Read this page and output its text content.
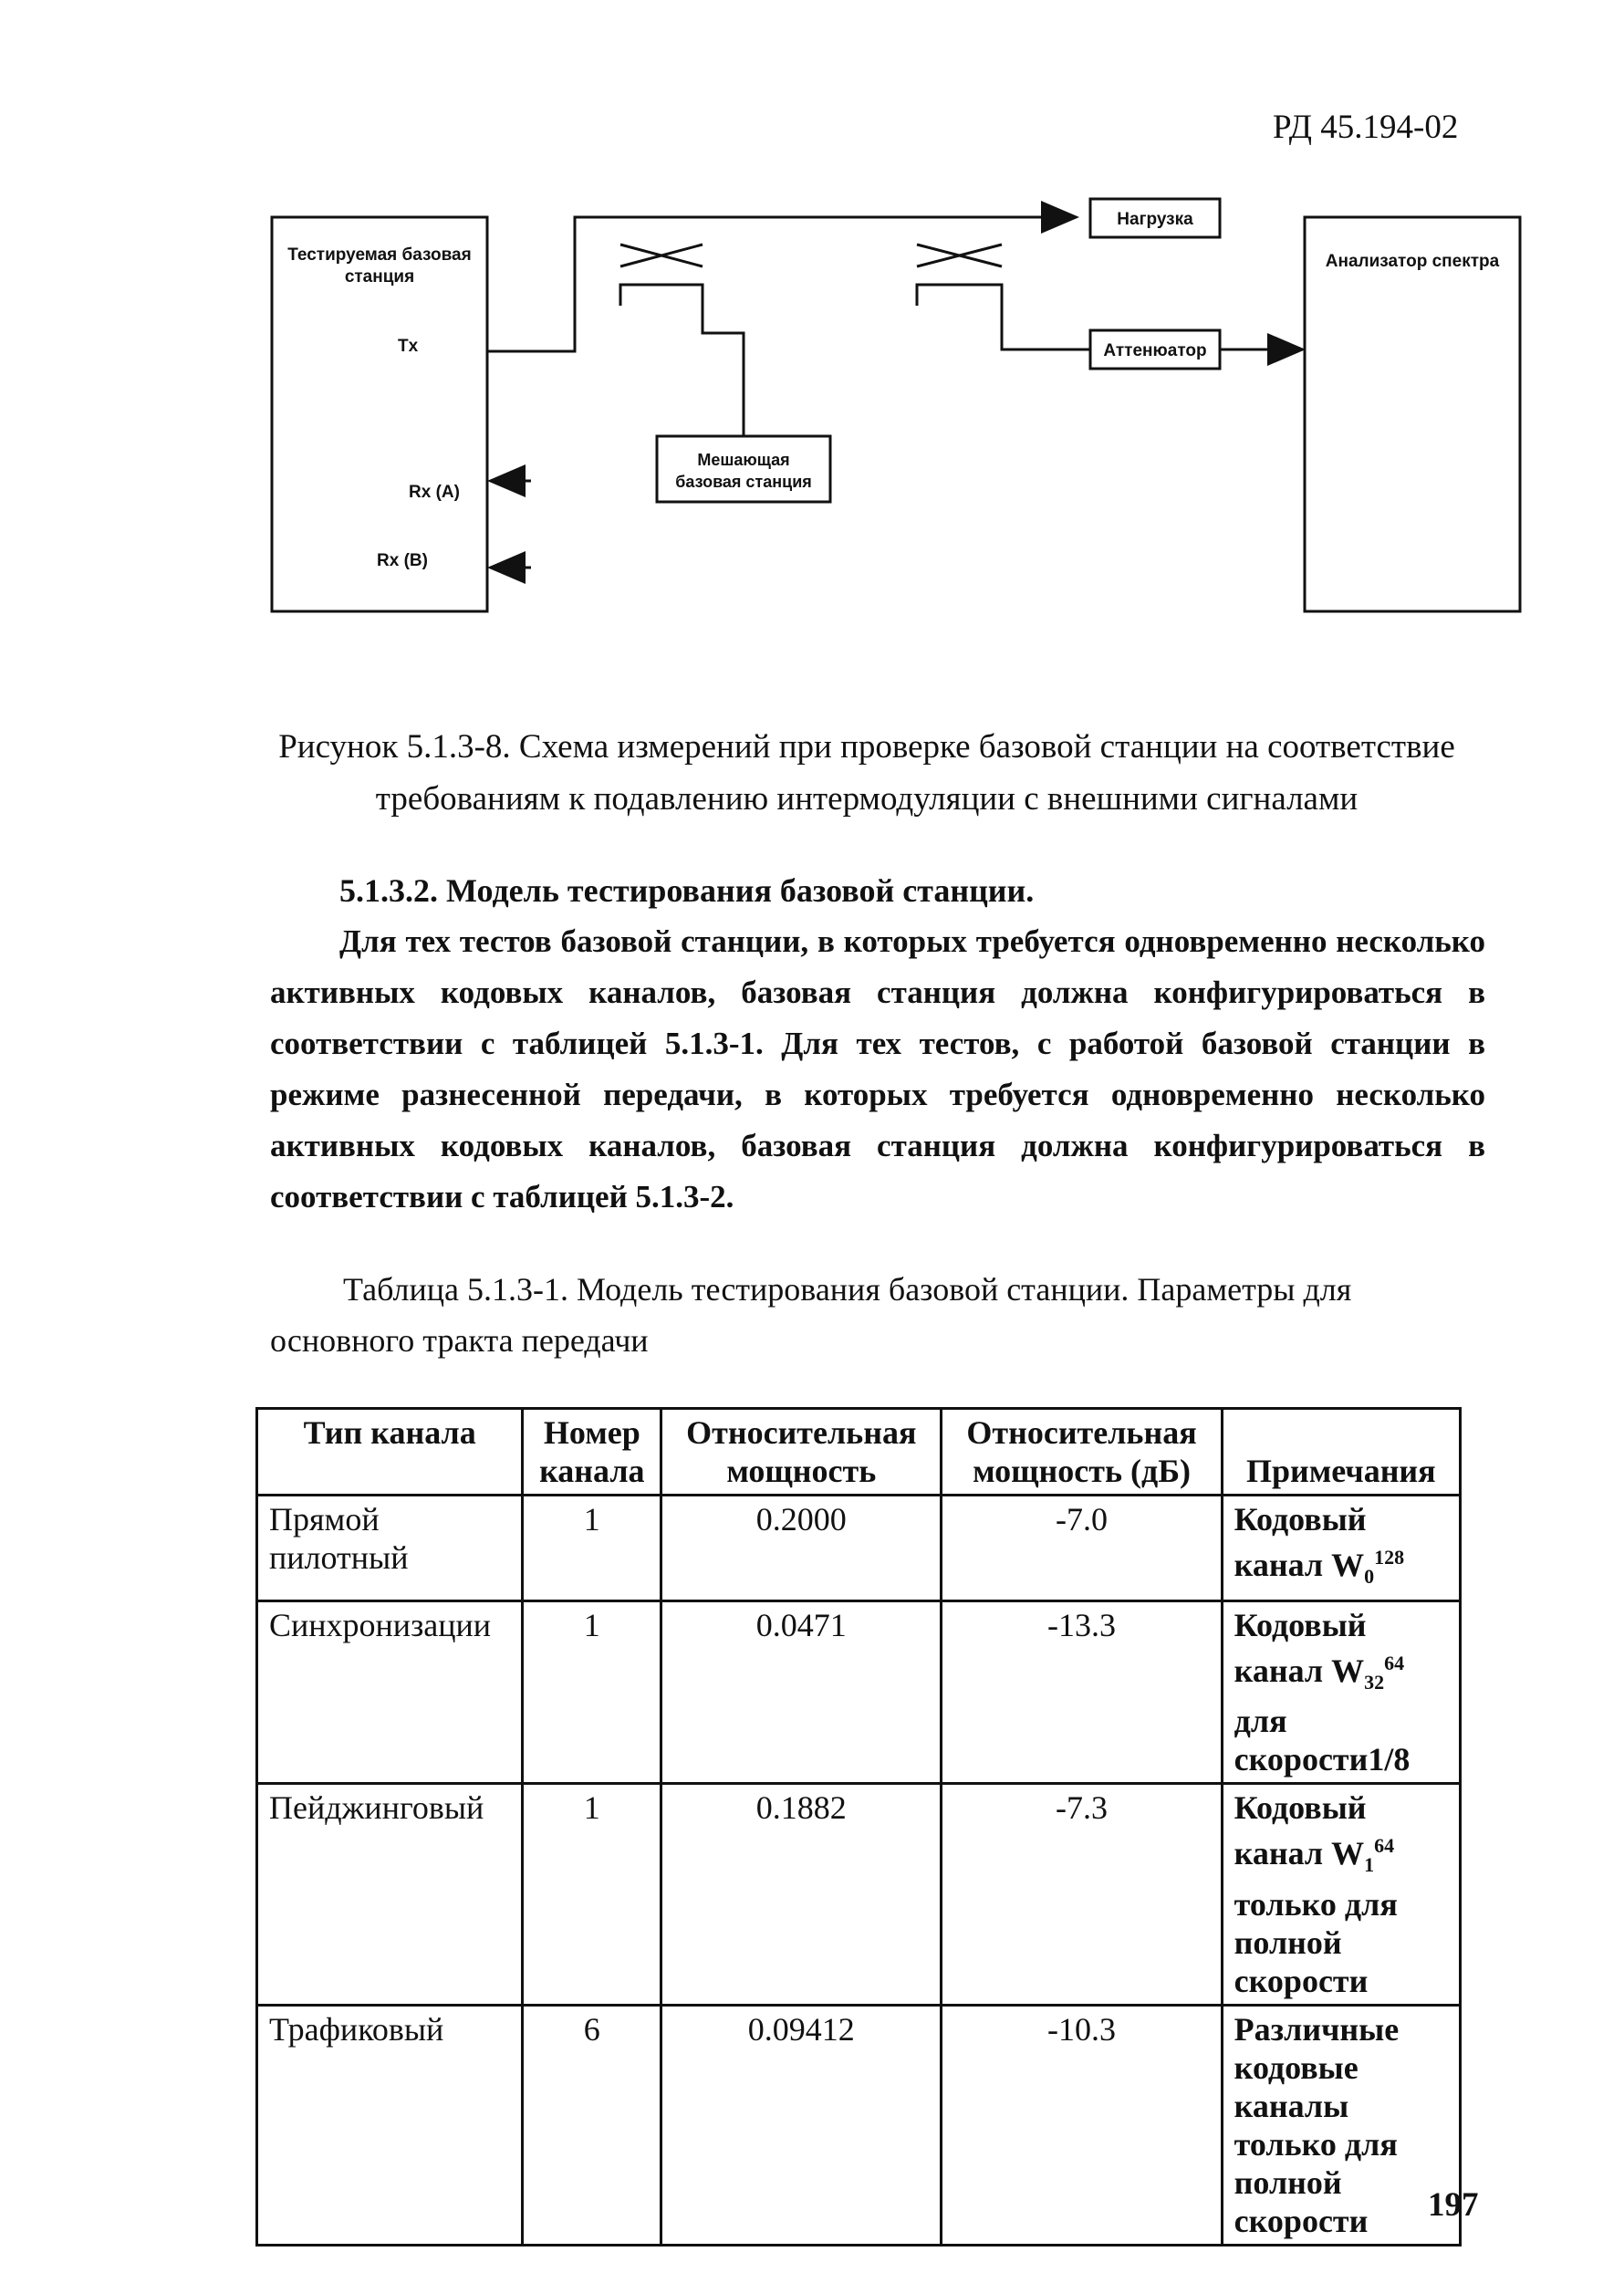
РД 45.194-02
Тестируемая базовая станция
Tx
Rx (A)
Rx (B)
Нагрузка
Аттенюатор
Мешающая базовая станция
Анализатор спектра
Рисунок 5.1.3-8. Схема измерений при проверке базовой станции на соответствие требованиям к подавлению интермодуляции с внешними сигналами
5.1.3.2. Модель тестирования базовой станции.
Для тех тестов базовой станции, в которых требуется одновременно несколько активных кодовых каналов, базовая станция должна конфигурироваться в соответствии с таблицей 5.1.3-1. Для тех тестов, с работой базовой станции в режиме разнесенной передачи, в которых требуется одновременно несколько активных кодовых каналов, базовая станция должна конфигурироваться в соответствии с таблицей 5.1.3-2.
Таблица 5.1.3-1. Модель тестирования базовой станции. Параметры для основного тракта передачи
Тип канала	Номер канала	Относительная мощность	Относительная мощность (дБ)	Примечания
Прямой пилотный	1	0.2000	-7.0	Кодовый канал $W_0^{128}$
Синхронизации	1	0.0471	-13.3	Кодовый канал $W_{32}^{64}$ для скорости1/8
Пейджинговый	1	0.1882	-7.3	Кодовый канал $W_1^{64}$ только для полной скорости
Трафиковый	6	0.09412	-10.3	Различные кодовые каналы только для полной скорости 197
